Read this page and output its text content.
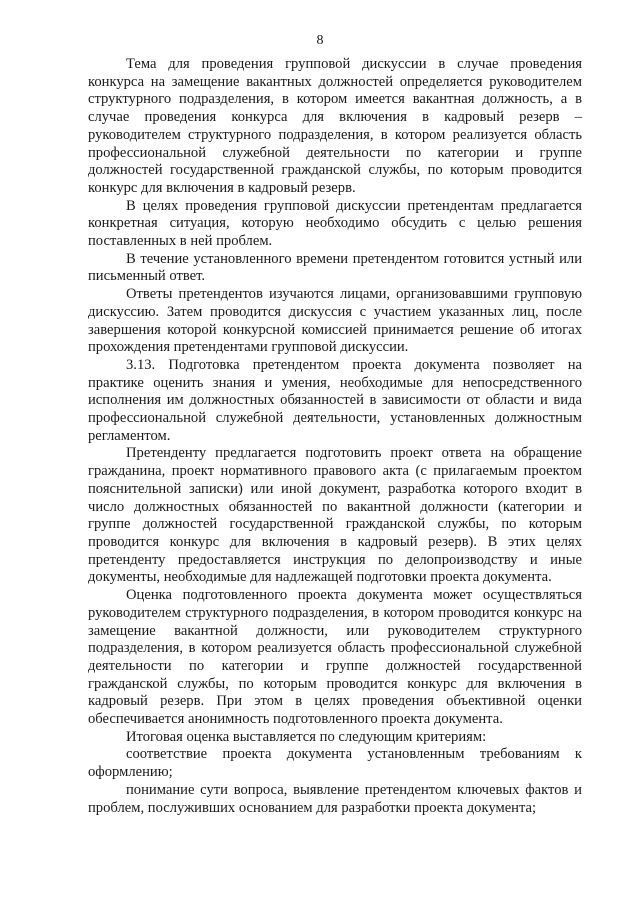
8

Тема для проведения групповой дискуссии в случае проведения конкурса на замещение вакантных должностей определяется руководителем структурного подразделения, в котором имеется вакантная должность, а в случае проведения конкурса для включения в кадровый резерв – руководителем структурного подразделения, в котором реализуется область профессиональной служебной деятельности по категории и группе должностей государственной гражданской службы, по которым проводится конкурс для включения в кадровый резерв.

В целях проведения групповой дискуссии претендентам предлагается конкретная ситуация, которую необходимо обсудить с целью решения поставленных в ней проблем.

В течение установленного времени претендентом готовится устный или письменный ответ.

Ответы претендентов изучаются лицами, организовавшими групповую дискуссию. Затем проводится дискуссия с участием указанных лиц, после завершения которой конкурсной комиссией принимается решение об итогах прохождения претендентами групповой дискуссии.

3.13. Подготовка претендентом проекта документа позволяет на практике оценить знания и умения, необходимые для непосредственного исполнения им должностных обязанностей в зависимости от области и вида профессиональной служебной деятельности, установленных должностным регламентом.

Претенденту предлагается подготовить проект ответа на обращение гражданина, проект нормативного правового акта (с прилагаемым проектом пояснительной записки) или иной документ, разработка которого входит в число должностных обязанностей по вакантной должности (категории и группе должностей государственной гражданской службы, по которым проводится конкурс для включения в кадровый резерв). В этих целях претенденту предоставляется инструкция по делопроизводству и иные документы, необходимые для надлежащей подготовки проекта документа.

Оценка подготовленного проекта документа может осуществляться руководителем структурного подразделения, в котором проводится конкурс на замещение вакантной должности, или руководителем структурного подразделения, в котором реализуется область профессиональной служебной деятельности по категории и группе должностей государственной гражданской службы, по которым проводится конкурс для включения в кадровый резерв. При этом в целях проведения объективной оценки обеспечивается анонимность подготовленного проекта документа.

Итоговая оценка выставляется по следующим критериям:

соответствие проекта документа установленным требованиям к оформлению;

понимание сути вопроса, выявление претендентом ключевых фактов и проблем, послуживших основанием для разработки проекта документа;
